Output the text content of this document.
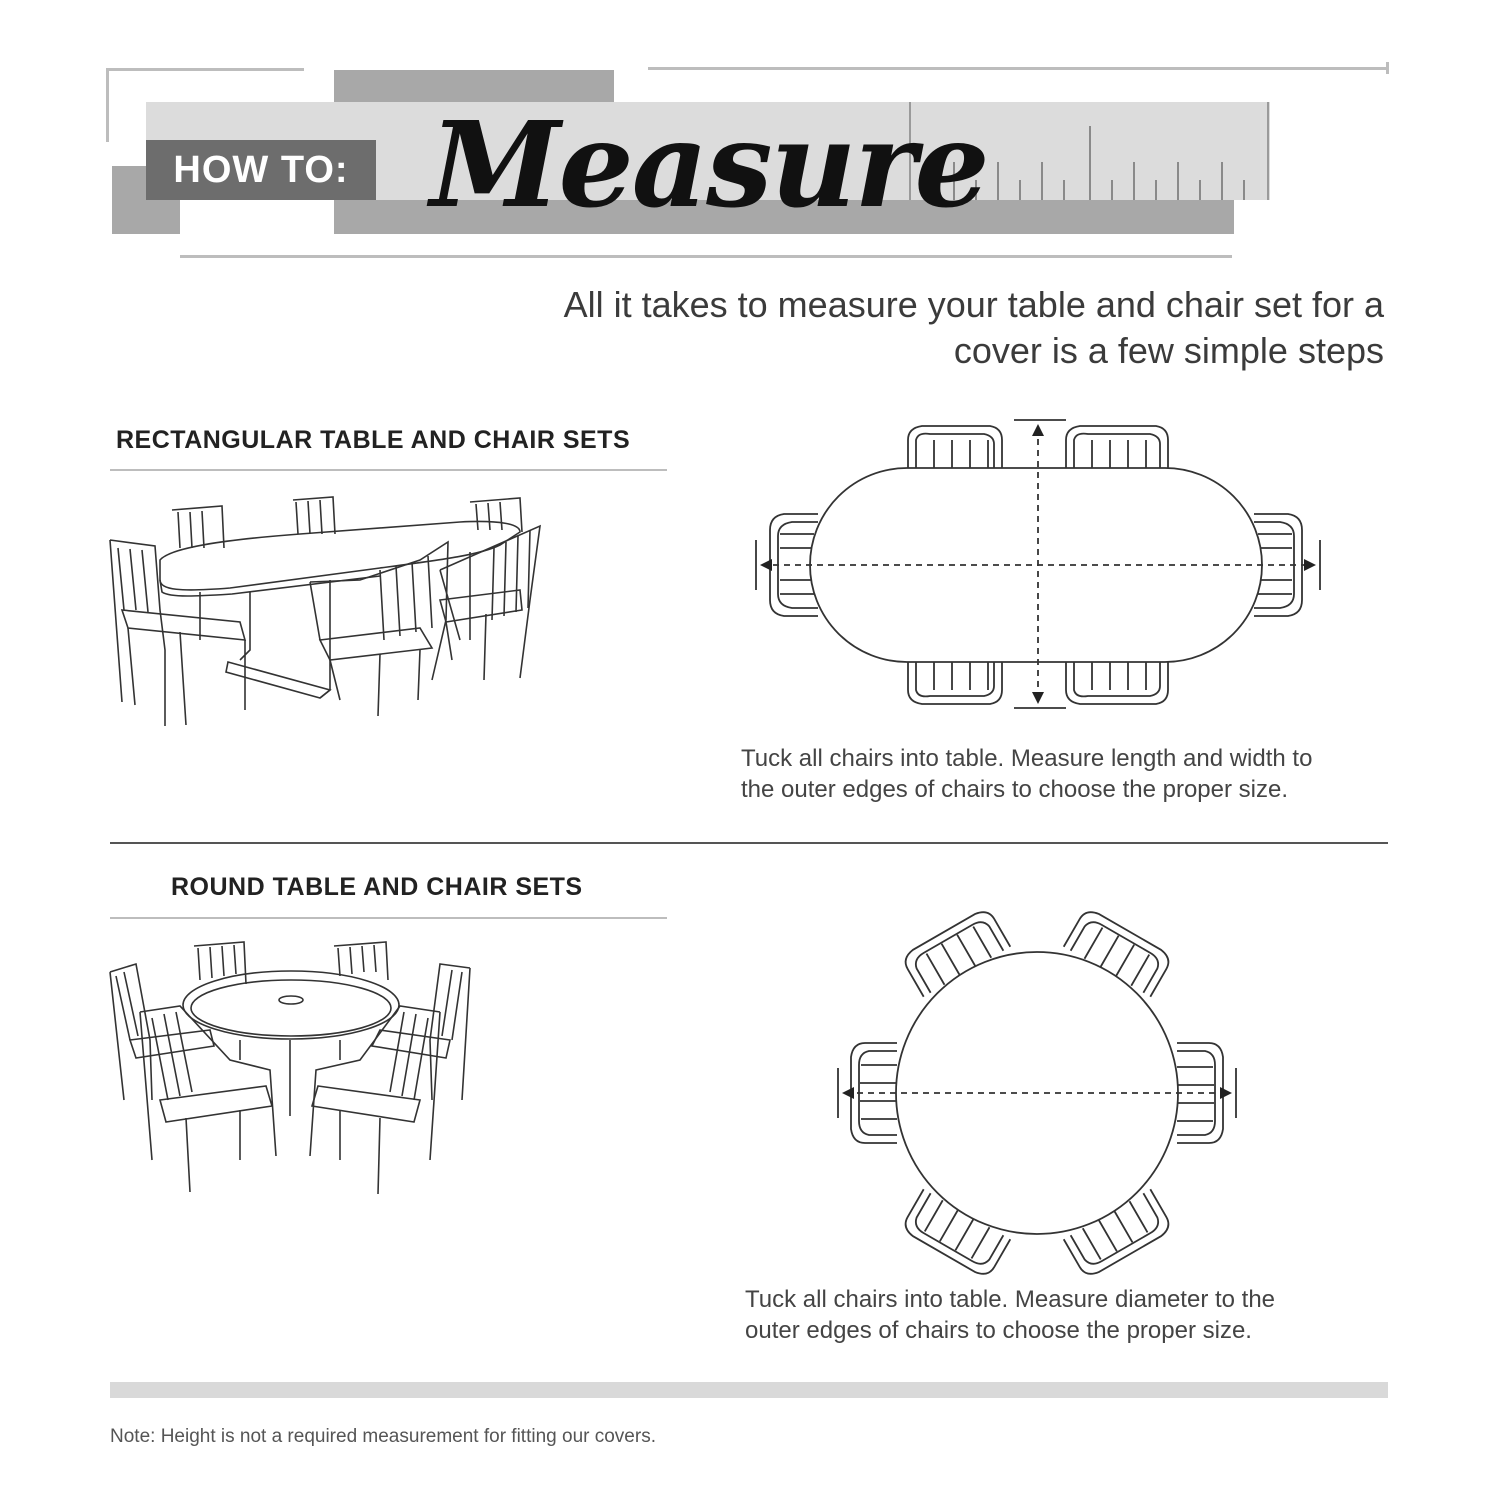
HOW TO: Measure
All it takes to measure your table and chair set for a cover is a few simple steps
RECTANGULAR TABLE AND CHAIR SETS
Tuck all chairs into table. Measure length and width to
the outer edges of chairs to choose the proper size.
ROUND TABLE AND CHAIR SETS
Tuck all chairs into table. Measure diameter to the
outer edges of chairs to choose the proper size.
Note: Height is not a required measurement for fitting our covers.
